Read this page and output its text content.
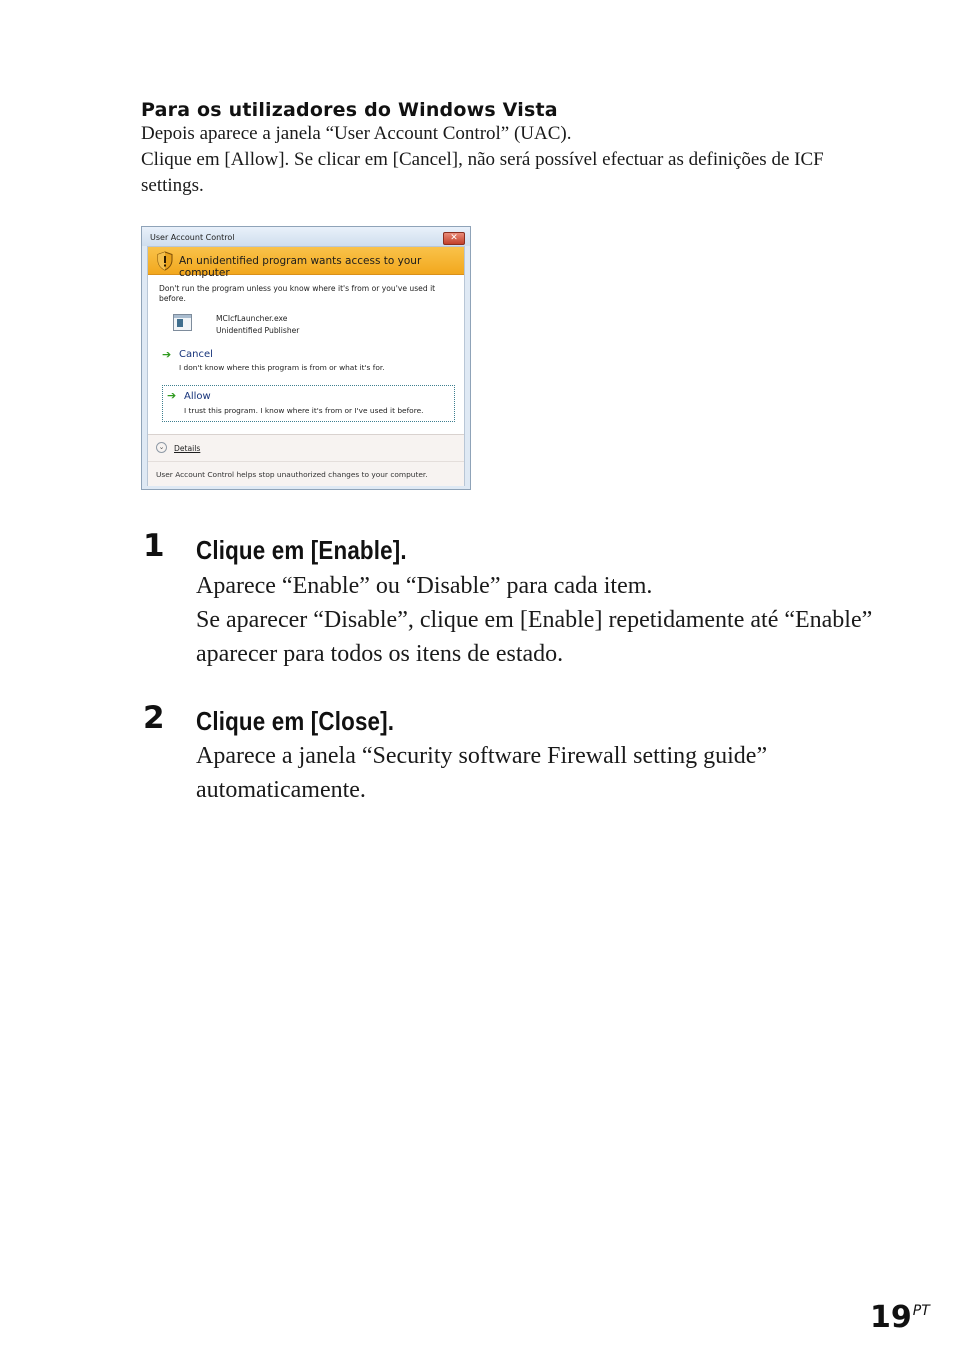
Para os utilizadores do Windows Vista
Depois aparece a janela “User Account Control” (UAC).
Clique em [Allow]. Se clicar em [Cancel], não será possível efectuar as definições de ICF settings.
User Account Control	✕
An unidentified program wants access to your computer
Don't run the program unless you know where it's from or you've used it before.
MCIcfLauncher.exe
Unidentified Publisher
➔ Cancel
I don't know where this program is from or what it's for.
➔ Allow
I trust this program. I know where it's from or I've used it before.
⌄	Details
User Account Control helps stop unauthorized changes to your computer.
1 Clique em [Enable].
Aparece “Enable” ou “Disable” para cada item.
Se aparecer “Disable”, clique em [Enable] repetidamente até “Enable” aparecer para todos os itens de estado.
2 Clique em [Close].
Aparece a janela “Security software Firewall setting guide” automaticamente.
19PT
